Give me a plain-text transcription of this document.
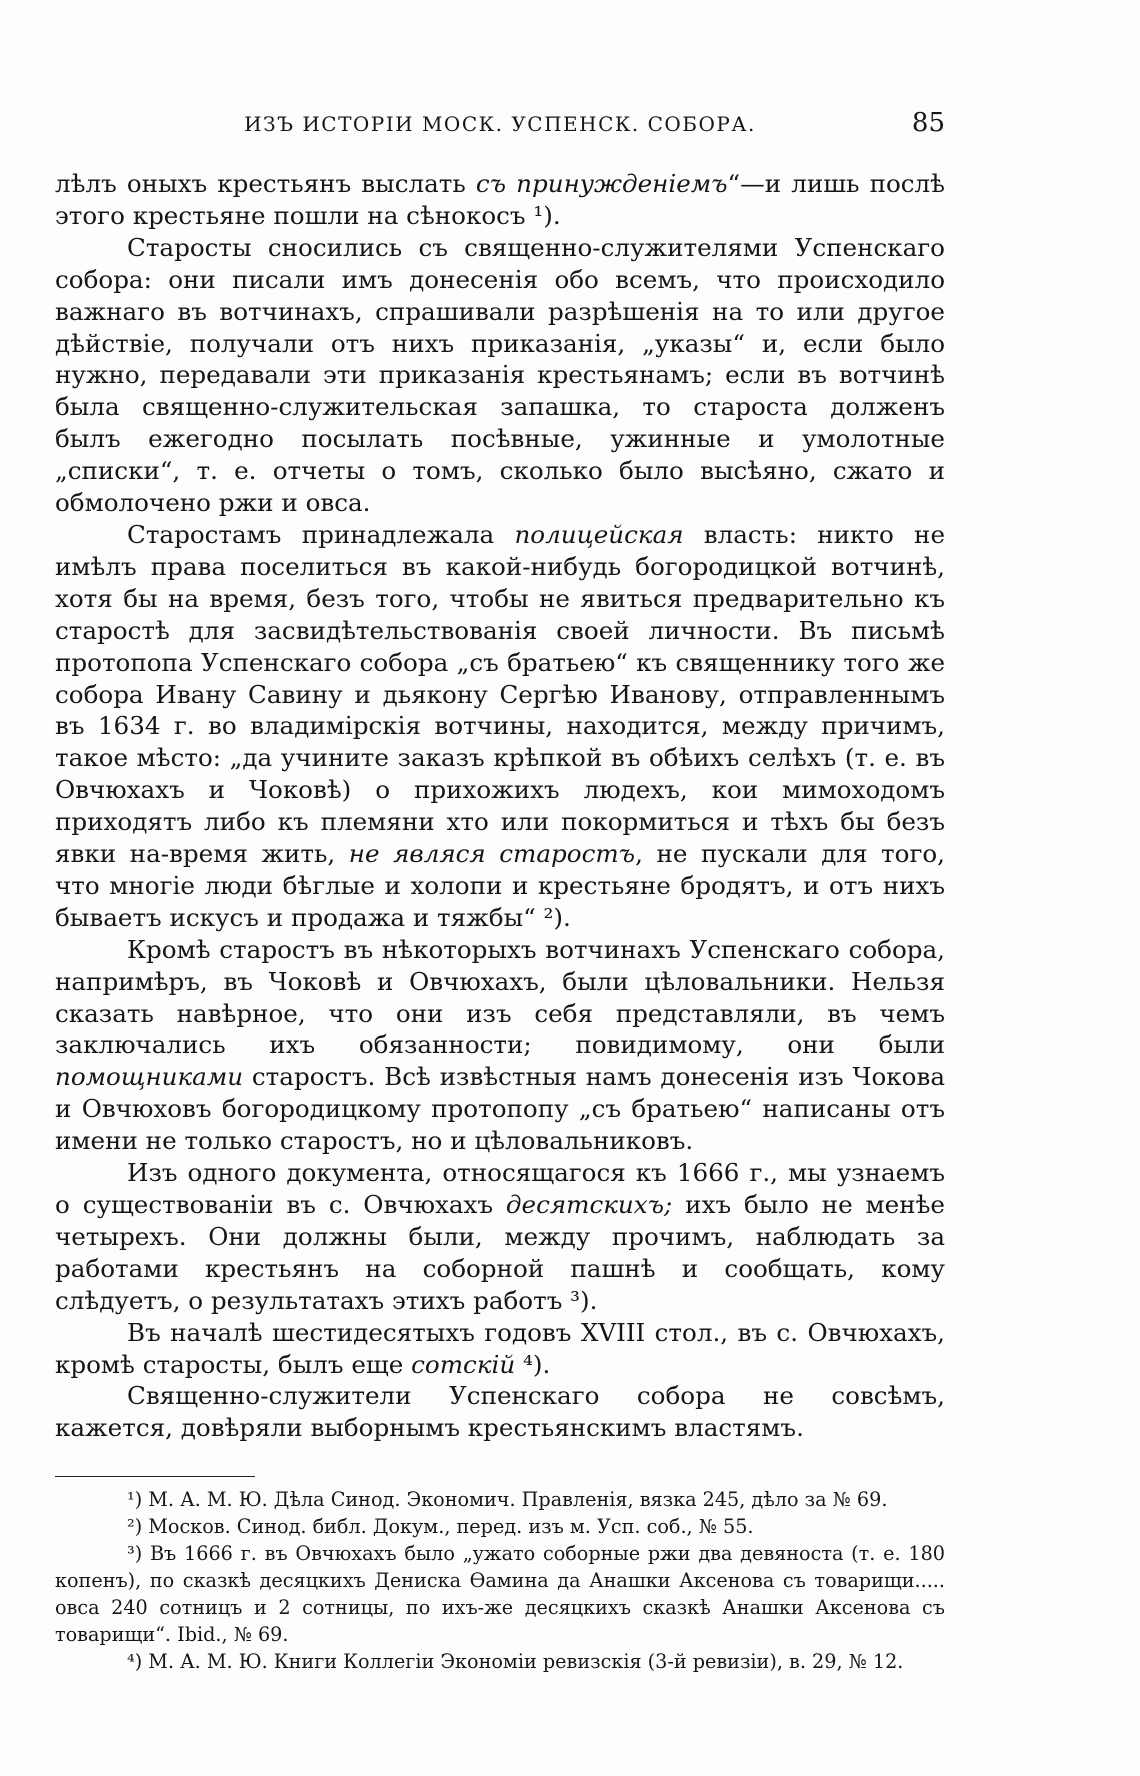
ИЗЪ ИСТОРІИ МОСК. УСПЕНСК. СОБОРА.	85

лѣлъ оныхъ крестьянъ выслать съ принужденіемъ“—и лишь послѣ этого крестьяне пошли на сѣнокосъ ¹).

Старосты сносились съ священно-служителями Успенскаго собора: они писали имъ донесенія обо всемъ, что происходило важнаго въ вотчинахъ, спрашивали разрѣшенія на то или другое дѣйствіе, получали отъ нихъ приказанія, „указы“ и, если было нужно, передавали эти приказанія крестьянамъ; если въ вотчинѣ была священно-служительская запашка, то староста долженъ былъ ежегодно посылать посѣвные, ужинные и умолотные „списки“, т. е. отчеты о томъ, сколько было высѣяно, сжато и обмолочено ржи и овса.

Старостамъ принадлежала полицейская власть: никто не имѣлъ права поселиться въ какой-нибудь богородицкой вотчинѣ, хотя бы на время, безъ того, чтобы не явиться предварительно къ старостѣ для засвидѣтельствованія своей личности. Въ письмѣ протопопа Успенскаго собора „съ братьею“ къ священнику того же собора Ивану Савину и дьякону Сергѣю Иванову, отправленнымъ въ 1634 г. во владимірскія вотчины, находится, между причимъ, такое мѣсто: „да учините заказъ крѣпкой въ обѣихъ селѣхъ (т. е. въ Овчюхахъ и Чоковѣ) о прихожихъ людехъ, кои мимоходомъ приходятъ либо къ племяни хто или покормиться и тѣхъ бы безъ явки на-время жить, не являся старостъ, не пускали для того, что многіе люди бѣглые и холопи и крестьяне бродятъ, и отъ нихъ бываетъ искусъ и продажа и тяжбы“ ²).

Кромѣ старостъ въ нѣкоторыхъ вотчинахъ Успенскаго собора, напримѣръ, въ Чоковѣ и Овчюхахъ, были цѣловальники. Нельзя сказать навѣрное, что они изъ себя представляли, въ чемъ заключались ихъ обязанности; повидимому, они были помощниками старостъ. Всѣ извѣстныя намъ донесенія изъ Чокова и Овчюховъ богородицкому протопопу „съ братьею“ написаны отъ имени не только старостъ, но и цѣловальниковъ.

Изъ одного документа, относящагося къ 1666 г., мы узнаемъ о существованіи въ с. Овчюхахъ десятскихъ; ихъ было не менѣе четырехъ. Они должны были, между прочимъ, наблюдать за работами крестьянъ на соборной пашнѣ и сообщать, кому слѣдуетъ, о результатахъ этихъ работъ ³).

Въ началѣ шестидесятыхъ годовъ XVIII стол., въ с. Овчюхахъ, кромѣ старосты, былъ еще сотскій ⁴).

Священно-служители Успенскаго собора не совсѣмъ, кажется, довѣряли выборнымъ крестьянскимъ властямъ.

¹) М. А. М. Ю. Дѣла Синод. Экономич. Правленія, вязка 245, дѣло за № 69.

²) Москов. Синод. библ. Докум., перед. изъ м. Усп. соб., № 55.

³) Въ 1666 г. въ Овчюхахъ было „ужато соборные ржи два девяноста (т. е. 180 копенъ), по сказкѣ десяцкихъ Дениска Ѳамина да Анашки Аксенова съ товарищи..... овса 240 сотницъ и 2 сотницы, по ихъ-же десяцкихъ сказкѣ Анашки Аксенова съ товарищи“. Ibid., № 69.

⁴) М. А. М. Ю. Книги Коллегіи Экономіи ревизскія (3-й ревизіи), в. 29, № 12.
